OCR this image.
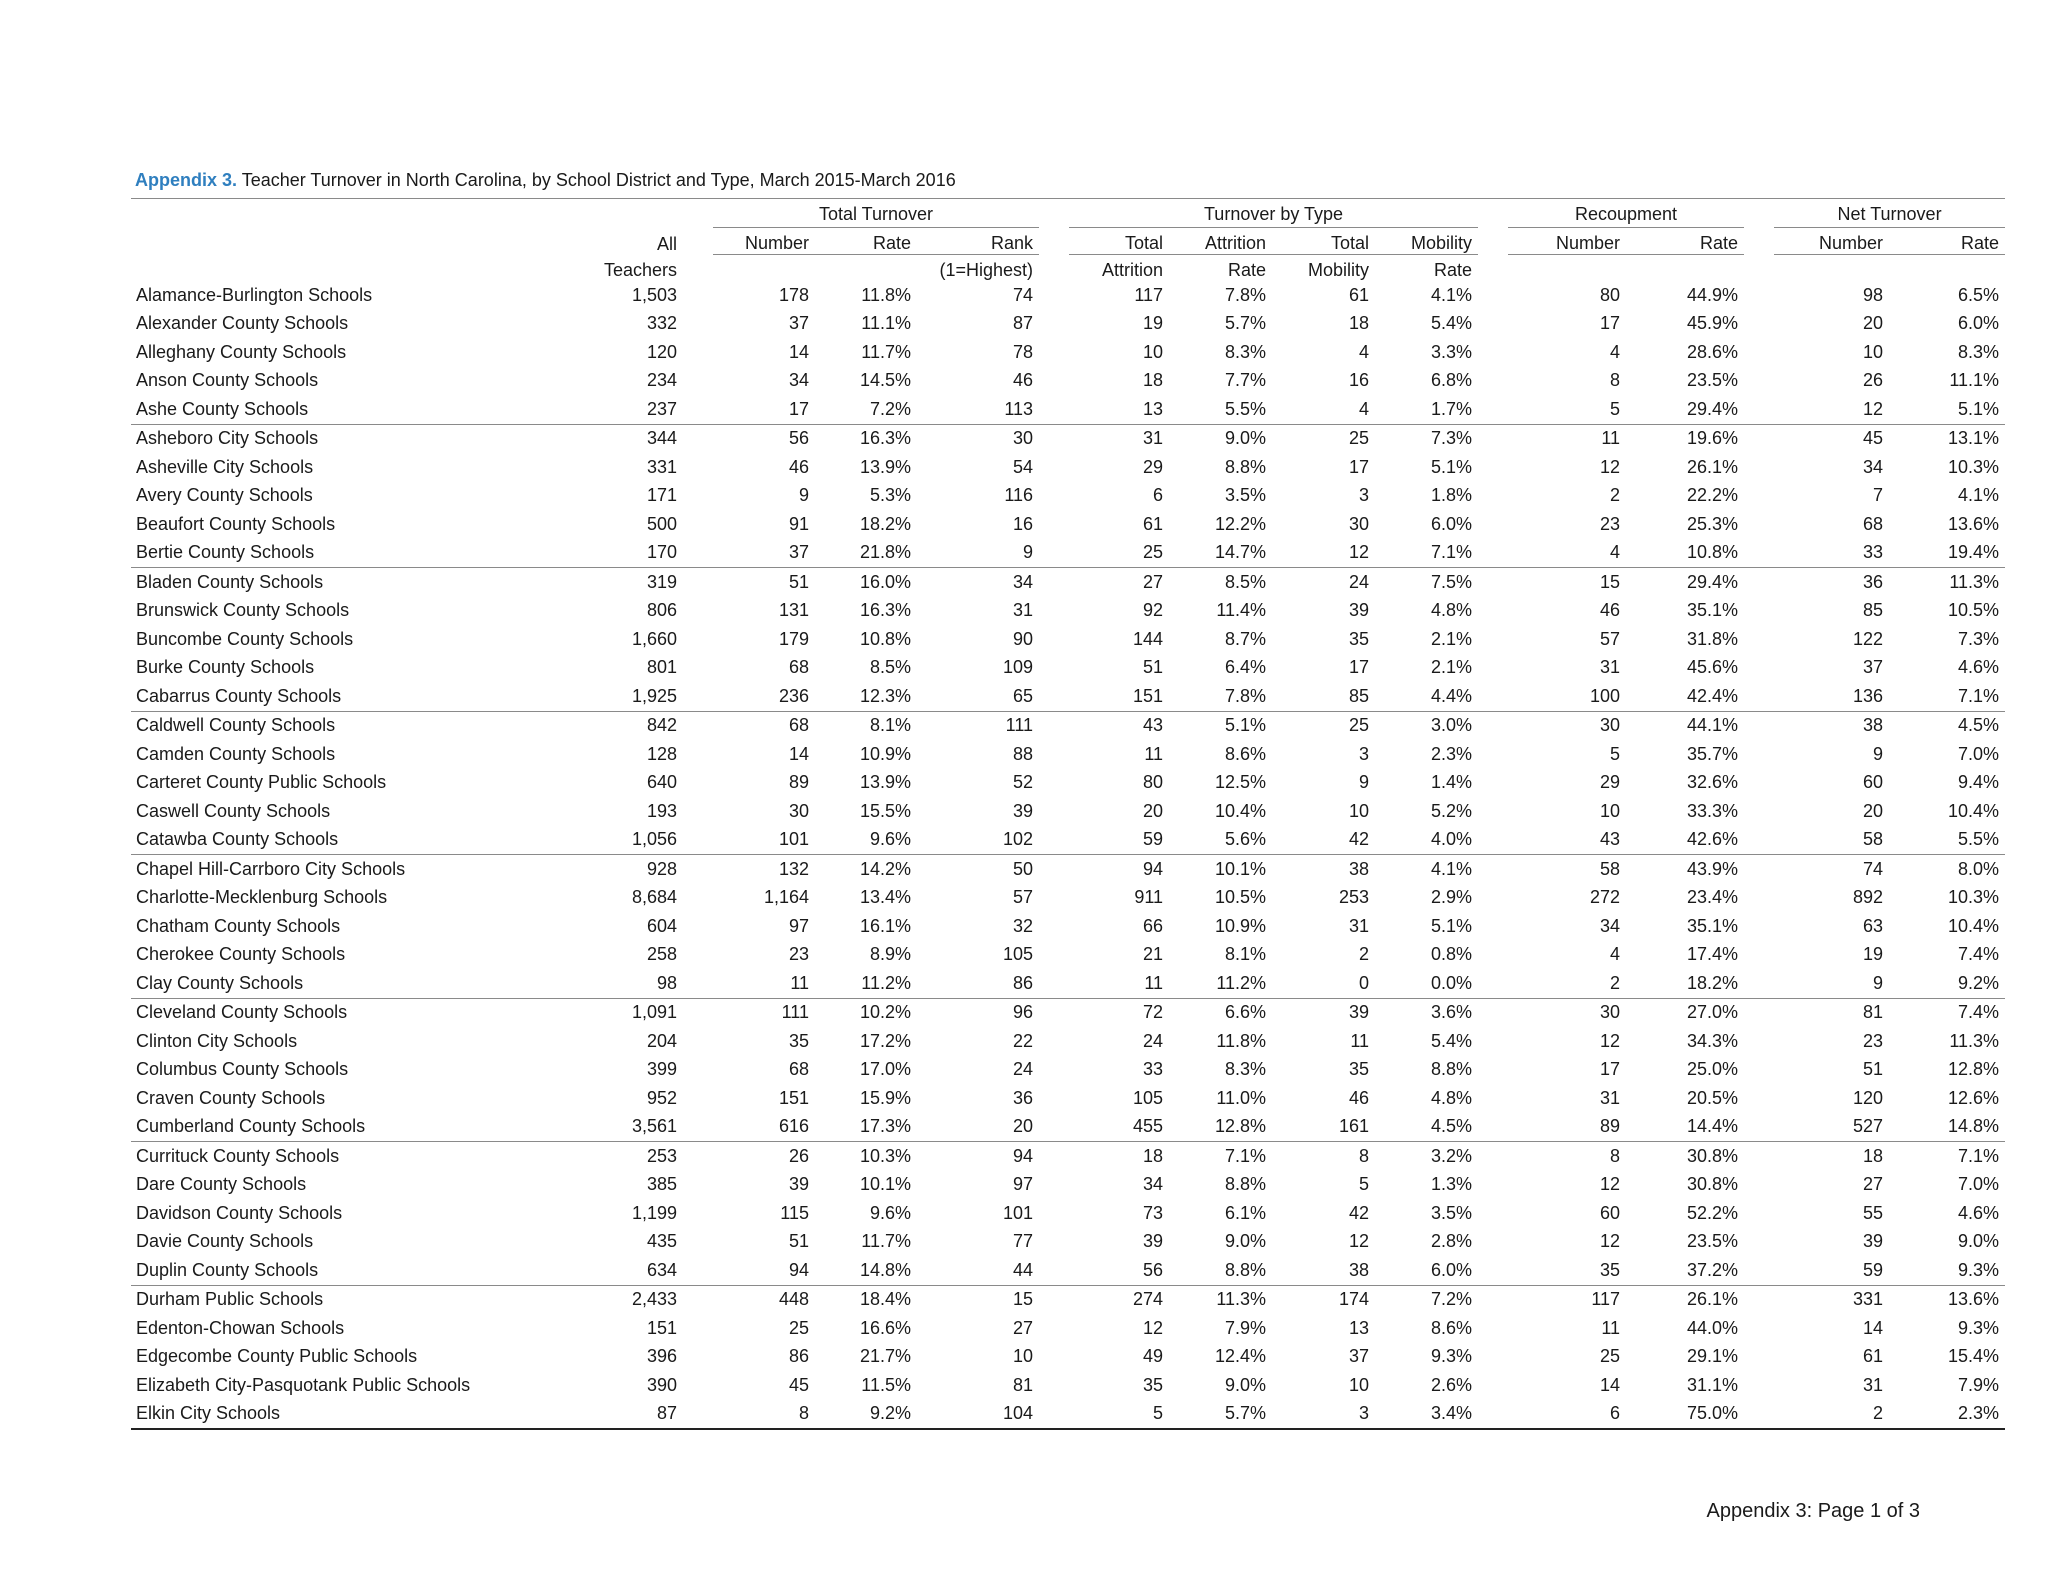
Appendix 3. Teacher Turnover in North Carolina, by School District and Type, March 2015-March 2016
			Total Turnover				Turnover by Type					Recoupment			Net Turnover	
	All		Number	Rate	Rank		Total	Attrition	Total	Mobility		Number	Rate		Number	Rate
	Teachers				(1=Highest)		Attrition	Rate	Mobility	Rate						
Alamance-Burlington Schools	1,503		178	11.8%	74		117	7.8%	61	4.1%		80	44.9%		98	6.5%
Alexander County Schools	332		37	11.1%	87		19	5.7%	18	5.4%		17	45.9%		20	6.0%
Alleghany County Schools	120		14	11.7%	78		10	8.3%	4	3.3%		4	28.6%		10	8.3%
Anson County Schools	234		34	14.5%	46		18	7.7%	16	6.8%		8	23.5%		26	11.1%
Ashe County Schools	237		17	7.2%	113		13	5.5%	4	1.7%		5	29.4%		12	5.1%
Asheboro City Schools	344		56	16.3%	30		31	9.0%	25	7.3%		11	19.6%		45	13.1%
Asheville City Schools	331		46	13.9%	54		29	8.8%	17	5.1%		12	26.1%		34	10.3%
Avery County Schools	171		9	5.3%	116		6	3.5%	3	1.8%		2	22.2%		7	4.1%
Beaufort County Schools	500		91	18.2%	16		61	12.2%	30	6.0%		23	25.3%		68	13.6%
Bertie County Schools	170		37	21.8%	9		25	14.7%	12	7.1%		4	10.8%		33	19.4%
Bladen County Schools	319		51	16.0%	34		27	8.5%	24	7.5%		15	29.4%		36	11.3%
Brunswick County Schools	806		131	16.3%	31		92	11.4%	39	4.8%		46	35.1%		85	10.5%
Buncombe County Schools	1,660		179	10.8%	90		144	8.7%	35	2.1%		57	31.8%		122	7.3%
Burke County Schools	801		68	8.5%	109		51	6.4%	17	2.1%		31	45.6%		37	4.6%
Cabarrus County Schools	1,925		236	12.3%	65		151	7.8%	85	4.4%		100	42.4%		136	7.1%
Caldwell County Schools	842		68	8.1%	111		43	5.1%	25	3.0%		30	44.1%		38	4.5%
Camden County Schools	128		14	10.9%	88		11	8.6%	3	2.3%		5	35.7%		9	7.0%
Carteret County Public Schools	640		89	13.9%	52		80	12.5%	9	1.4%		29	32.6%		60	9.4%
Caswell County Schools	193		30	15.5%	39		20	10.4%	10	5.2%		10	33.3%		20	10.4%
Catawba County Schools	1,056		101	9.6%	102		59	5.6%	42	4.0%		43	42.6%		58	5.5%
Chapel Hill-Carrboro City Schools	928		132	14.2%	50		94	10.1%	38	4.1%		58	43.9%		74	8.0%
Charlotte-Mecklenburg Schools	8,684		1,164	13.4%	57		911	10.5%	253	2.9%		272	23.4%		892	10.3%
Chatham County Schools	604		97	16.1%	32		66	10.9%	31	5.1%		34	35.1%		63	10.4%
Cherokee County Schools	258		23	8.9%	105		21	8.1%	2	0.8%		4	17.4%		19	7.4%
Clay County Schools	98		11	11.2%	86		11	11.2%	0	0.0%		2	18.2%		9	9.2%
Cleveland County Schools	1,091		111	10.2%	96		72	6.6%	39	3.6%		30	27.0%		81	7.4%
Clinton City Schools	204		35	17.2%	22		24	11.8%	11	5.4%		12	34.3%		23	11.3%
Columbus County Schools	399		68	17.0%	24		33	8.3%	35	8.8%		17	25.0%		51	12.8%
Craven County Schools	952		151	15.9%	36		105	11.0%	46	4.8%		31	20.5%		120	12.6%
Cumberland County Schools	3,561		616	17.3%	20		455	12.8%	161	4.5%		89	14.4%		527	14.8%
Currituck County Schools	253		26	10.3%	94		18	7.1%	8	3.2%		8	30.8%		18	7.1%
Dare County Schools	385		39	10.1%	97		34	8.8%	5	1.3%		12	30.8%		27	7.0%
Davidson County Schools	1,199		115	9.6%	101		73	6.1%	42	3.5%		60	52.2%		55	4.6%
Davie County Schools	435		51	11.7%	77		39	9.0%	12	2.8%		12	23.5%		39	9.0%
Duplin County Schools	634		94	14.8%	44		56	8.8%	38	6.0%		35	37.2%		59	9.3%
Durham Public Schools	2,433		448	18.4%	15		274	11.3%	174	7.2%		117	26.1%		331	13.6%
Edenton-Chowan Schools	151		25	16.6%	27		12	7.9%	13	8.6%		11	44.0%		14	9.3%
Edgecombe County Public Schools	396		86	21.7%	10		49	12.4%	37	9.3%		25	29.1%		61	15.4%
Elizabeth City-Pasquotank Public Schools	390		45	11.5%	81		35	9.0%	10	2.6%		14	31.1%		31	7.9%
Elkin City Schools	87		8	9.2%	104		5	5.7%	3	3.4%		6	75.0%		2	2.3%
Appendix 3: Page 1 of 3
